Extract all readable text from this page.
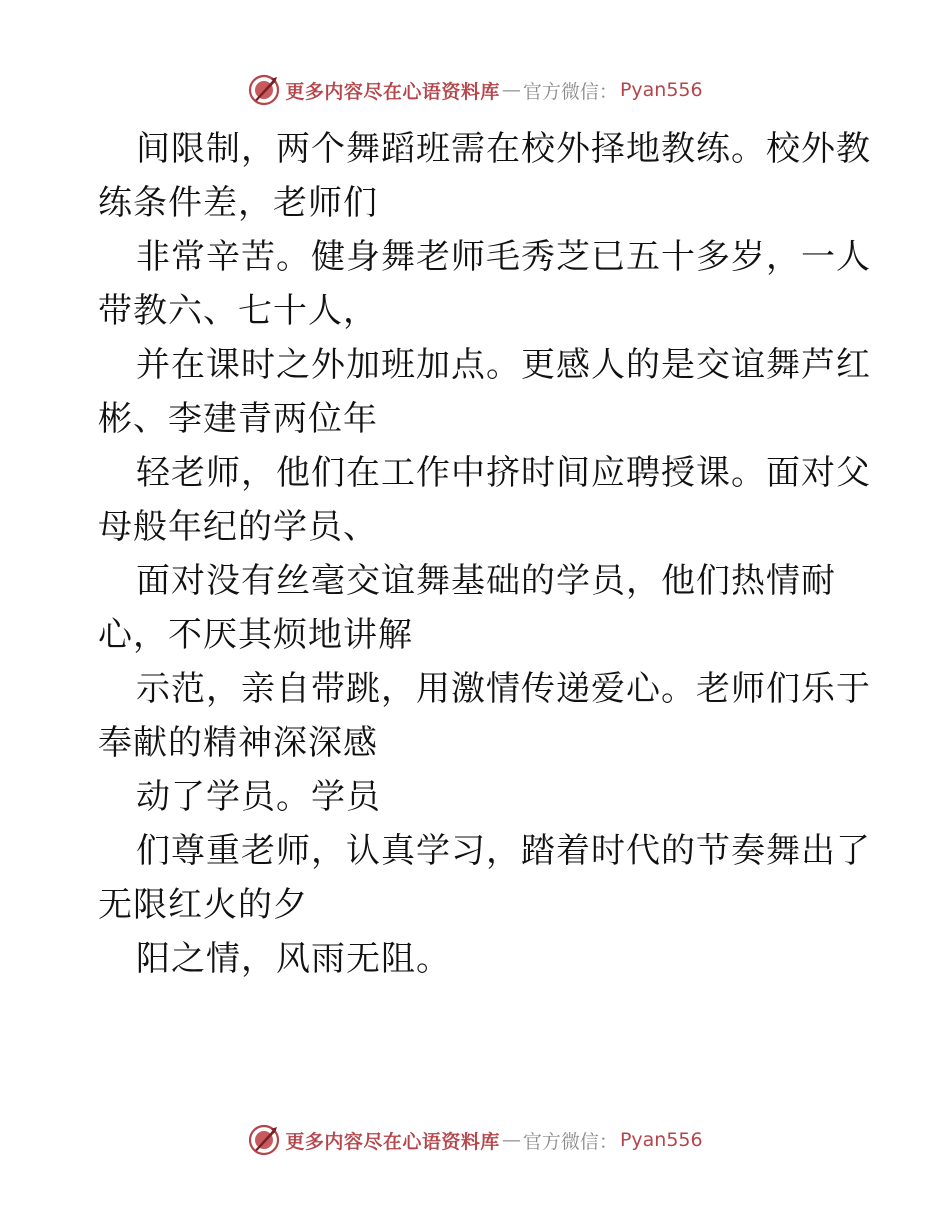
更多内容尽在心语资料库 — 官方微信： Pyan556
间限制，两个舞蹈班需在校外择地教练。校外教
练条件差，老师们
非常辛苦。健身舞老师毛秀芝已五十多岁，一人
带教六、七十人，
并在课时之外加班加点。更感人的是交谊舞芦红
彬、李建青两位年
轻老师，他们在工作中挤时间应聘授课。面对父
母般年纪的学员、
面对没有丝毫交谊舞基础的学员，他们热情耐
心，不厌其烦地讲解
示范，亲自带跳，用激情传递爱心。老师们乐于
奉献的精神深深感
动了学员。学员
们尊重老师，认真学习，踏着时代的节奏舞出了
无限红火的夕
阳之情，风雨无阻。
更多内容尽在心语资料库 — 官方微信： Pyan556
